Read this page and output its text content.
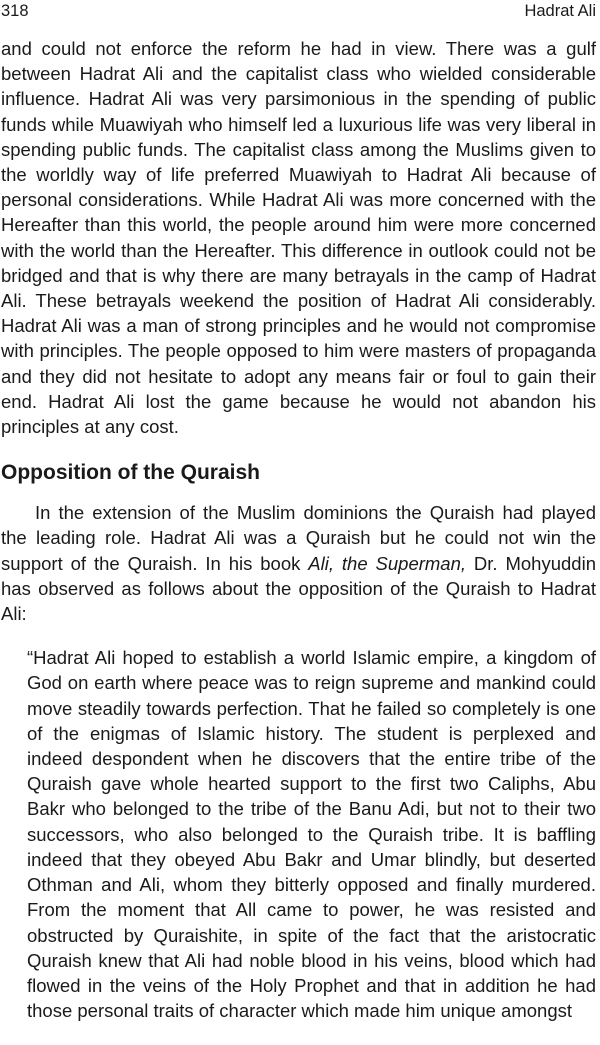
318	Hadrat Ali

and could not enforce the reform he had in view. There was a gulf between Hadrat Ali and the capitalist class who wielded considerable influence. Hadrat Ali was very parsimonious in the spending of public funds while Muawiyah who himself led a luxurious life was very liberal in spending public funds. The capitalist class among the Muslims given to the worldly way of life preferred Muawiyah to Hadrat Ali because of personal considerations. While Hadrat Ali was more concerned with the Hereafter than this world, the people around him were more concerned with the world than the Hereafter. This difference in outlook could not be bridged and that is why there are many betrayals in the camp of Hadrat Ali. These betrayals weekend the position of Hadrat Ali considerably. Hadrat Ali was a man of strong principles and he would not compromise with principles. The people opposed to him were masters of propaganda and they did not hesitate to adopt any means fair or foul to gain their end. Hadrat Ali lost the game because he would not abandon his principles at any cost.

Opposition of the Quraish

In the extension of the Muslim dominions the Quraish had played the leading role. Hadrat Ali was a Quraish but he could not win the support of the Quraish. In his book Ali, the Superman, Dr. Mohyuddin has observed as follows about the opposition of the Quraish to Hadrat Ali:

“Hadrat Ali hoped to establish a world Islamic empire, a kingdom of God on earth where peace was to reign supreme and mankind could move steadily towards perfection. That he failed so completely is one of the enigmas of Islamic history. The student is perplexed and indeed despondent when he discovers that the entire tribe of the Quraish gave whole hearted support to the first two Caliphs, Abu Bakr who belonged to the tribe of the Banu Adi, but not to their two successors, who also belonged to the Quraish tribe. It is baffling indeed that they obeyed Abu Bakr and Umar blindly, but deserted Othman and Ali, whom they bitterly opposed and finally murdered. From the moment that All came to power, he was resisted and obstructed by Quraishite, in spite of the fact that the aristocratic Quraish knew that Ali had noble blood in his veins, blood which had flowed in the veins of the Holy Prophet and that in addition he had those personal traits of character which made him unique amongst
